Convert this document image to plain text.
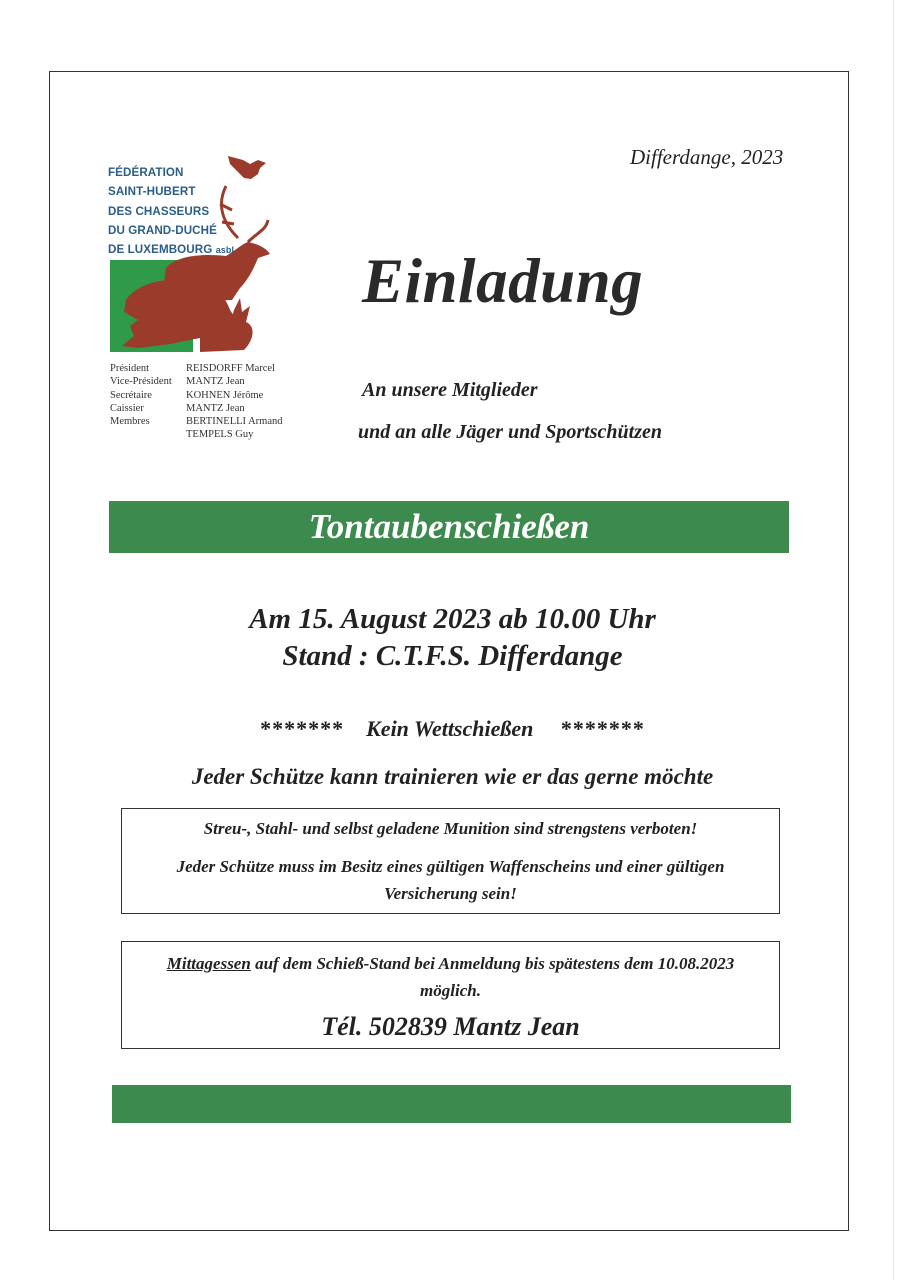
FÉDÉRATION
SAINT-HUBERT
DES CHASSEURS
DU GRAND-DUCHÉ
DE LUXEMBOURG asbl
Président	REISDORFF Marcel
Vice-Président	MANTZ Jean
Secrétaire	KOHNEN Jérôme
Caissier	MANTZ Jean
Membres	BERTINELLI Armand
TEMPELS Guy
Differdange, 2023
Einladung
An unsere Mitglieder
und an alle Jäger und Sportschützen
Tontaubenschießen
Am 15. August 2023 ab 10.00 Uhr
Stand : C.T.F.S. Differdange
******* Kein Wettschießen *******
Jeder Schütze kann trainieren wie er das gerne möchte
Streu-, Stahl- und selbst geladene Munition sind strengstens verboten!
Jeder Schütze muss im Besitz eines gültigen Waffenscheins und einer gültigen Versicherung sein!
Mittagessen auf dem Schieß-Stand bei Anmeldung bis spätestens dem 10.08.2023 möglich.
Tél. 502839 Mantz Jean
